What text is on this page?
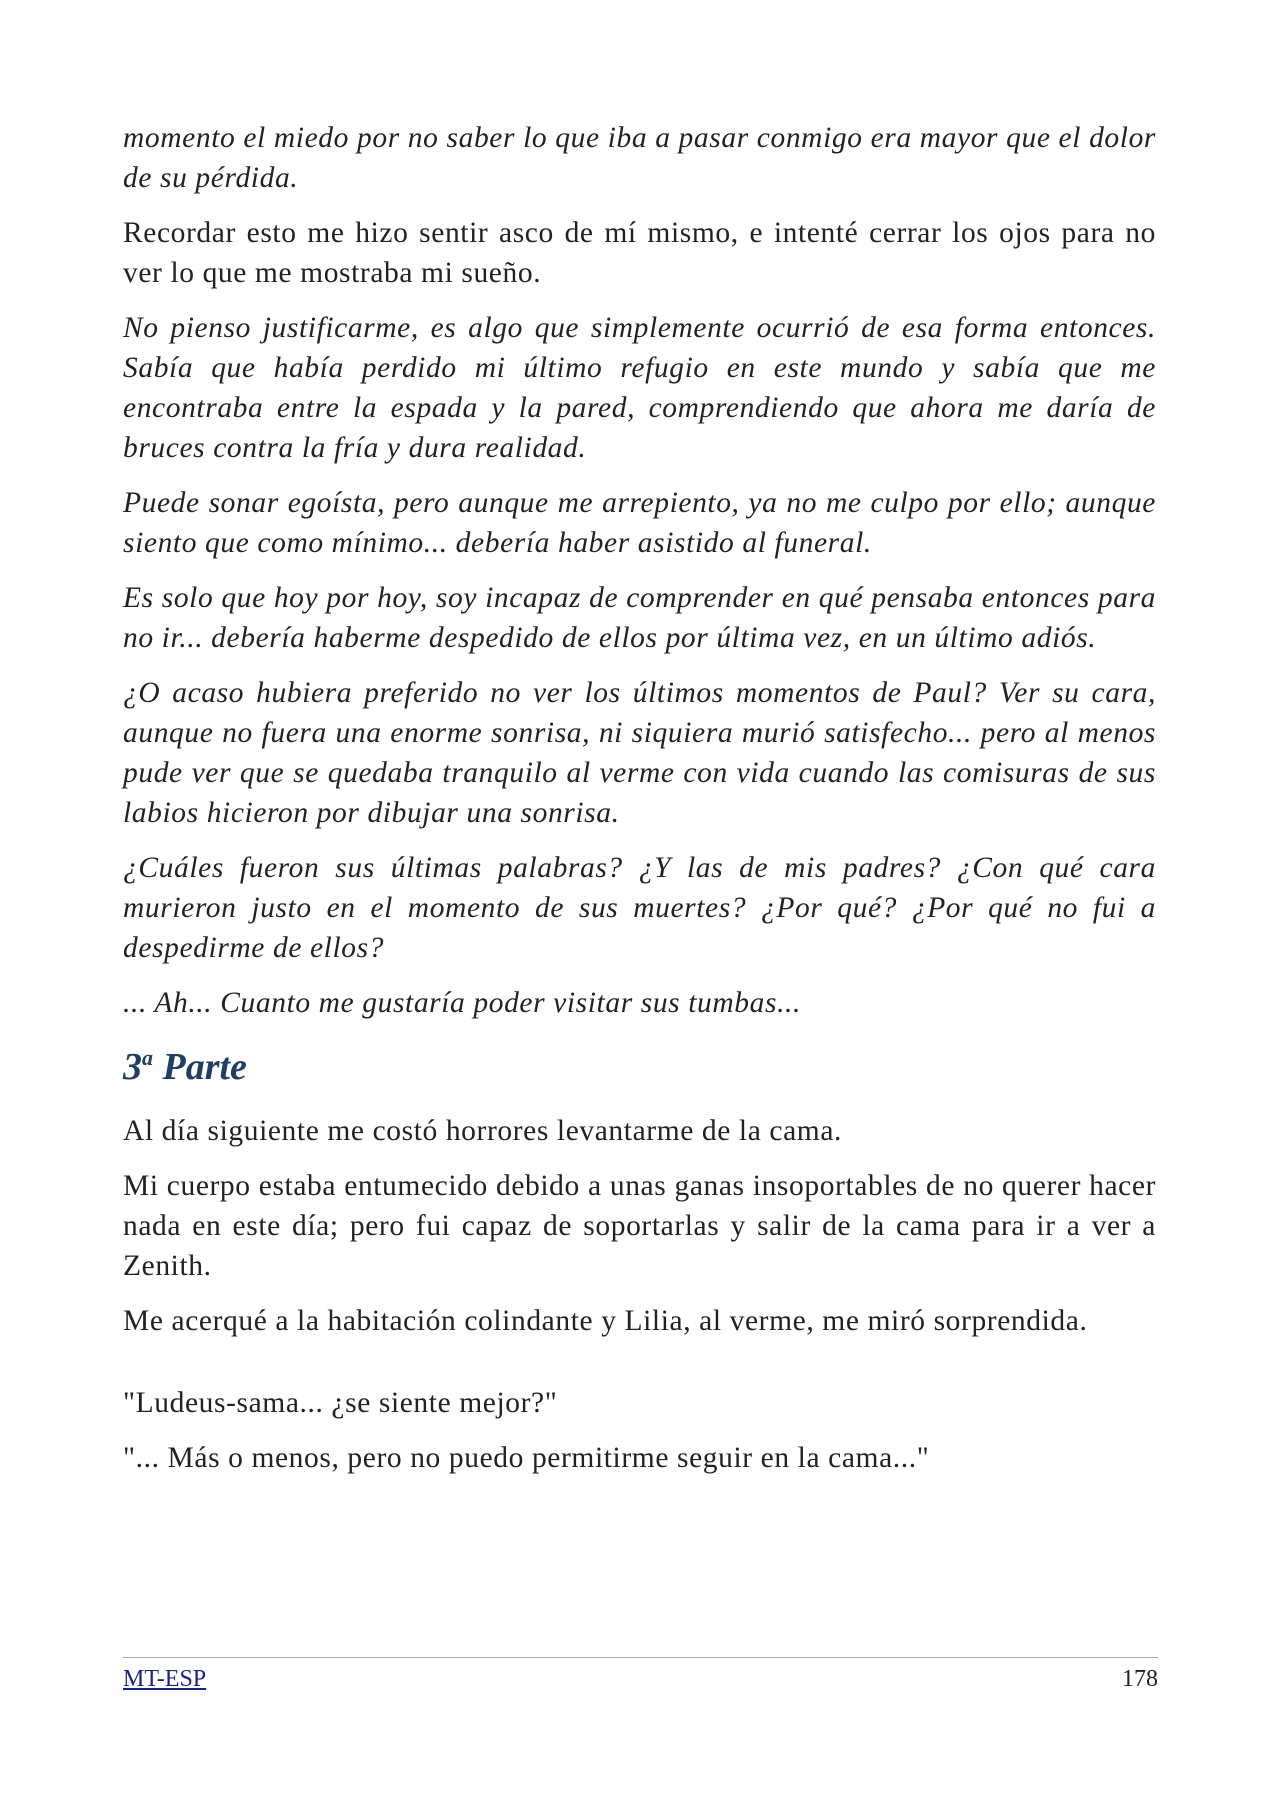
momento el miedo por no saber lo que iba a pasar conmigo era mayor que el dolor de su pérdida.

Recordar esto me hizo sentir asco de mí mismo, e intenté cerrar los ojos para no ver lo que me mostraba mi sueño.

No pienso justificarme, es algo que simplemente ocurrió de esa forma entonces. Sabía que había perdido mi último refugio en este mundo y sabía que me encontraba entre la espada y la pared, comprendiendo que ahora me daría de bruces contra la fría y dura realidad.

Puede sonar egoísta, pero aunque me arrepiento, ya no me culpo por ello; aunque siento que como mínimo... debería haber asistido al funeral.

Es solo que hoy por hoy, soy incapaz de comprender en qué pensaba entonces para no ir... debería haberme despedido de ellos por última vez, en un último adiós.

¿O acaso hubiera preferido no ver los últimos momentos de Paul? Ver su cara, aunque no fuera una enorme sonrisa, ni siquiera murió satisfecho... pero al menos pude ver que se quedaba tranquilo al verme con vida cuando las comisuras de sus labios hicieron por dibujar una sonrisa.

¿Cuáles fueron sus últimas palabras? ¿Y las de mis padres? ¿Con qué cara murieron justo en el momento de sus muertes? ¿Por qué? ¿Por qué no fui a despedirme de ellos?

... Ah... Cuanto me gustaría poder visitar sus tumbas...

3$^a$ Parte

Al día siguiente me costó horrores levantarme de la cama.

Mi cuerpo estaba entumecido debido a unas ganas insoportables de no querer hacer nada en este día; pero fui capaz de soportarlas y salir de la cama para ir a ver a Zenith.

Me acerqué a la habitación colindante y Lilia, al verme, me miró sorprendida.

"Ludeus-sama... ¿se siente mejor?"

"... Más o menos, pero no puedo permitirme seguir en la cama..."

MT-ESP	178
